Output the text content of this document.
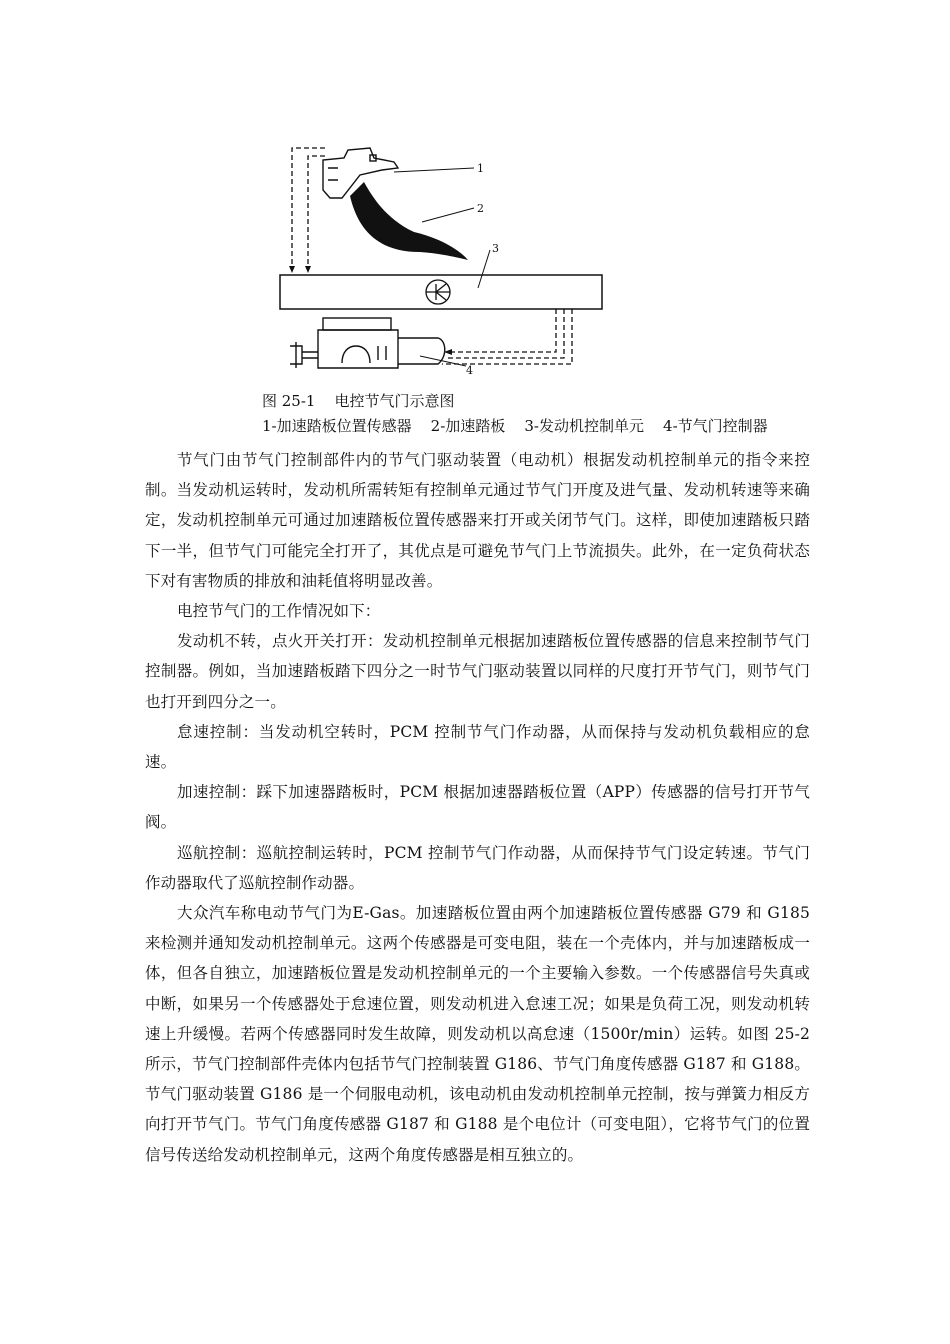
1
2
3
4
图 25-1    电控节气门示意图
1-加速踏板位置传感器    2-加速踏板    3-发动机控制单元    4-节气门控制器

节气门由节气门控制部件内的节气门驱动装置（电动机）根据发动机控制单元的指令来控制。当发动机运转时，发动机所需转矩有控制单元通过节气门开度及进气量、发动机转速等来确定，发动机控制单元可通过加速踏板位置传感器来打开或关闭节气门。这样，即使加速踏板只踏下一半，但节气门可能完全打开了，其优点是可避免节气门上节流损失。此外，在一定负荷状态下对有害物质的排放和油耗值将明显改善。

电控节气门的工作情况如下：

发动机不转，点火开关打开：发动机控制单元根据加速踏板位置传感器的信息来控制节气门控制器。例如，当加速踏板踏下四分之一时节气门驱动装置以同样的尺度打开节气门，则节气门也打开到四分之一。

怠速控制：当发动机空转时，PCM 控制节气门作动器，从而保持与发动机负载相应的怠速。

加速控制：踩下加速器踏板时，PCM 根据加速器踏板位置（APP）传感器的信号打开节气阀。

巡航控制：巡航控制运转时，PCM 控制节气门作动器，从而保持节气门设定转速。节气门作动器取代了巡航控制作动器。

大众汽车称电动节气门为E-Gas。加速踏板位置由两个加速踏板位置传感器 G79 和 G185 来检测并通知发动机控制单元。这两个传感器是可变电阻，装在一个壳体内，并与加速踏板成一体，但各自独立，加速踏板位置是发动机控制单元的一个主要输入参数。一个传感器信号失真或中断，如果另一个传感器处于怠速位置，则发动机进入怠速工况；如果是负荷工况，则发动机转速上升缓慢。若两个传感器同时发生故障，则发动机以高怠速（1500r/min）运转。如图 25-2 所示，节气门控制部件壳体内包括节气门控制装置 G186、节气门角度传感器 G187 和 G188。节气门驱动装置 G186 是一个伺服电动机，该电动机由发动机控制单元控制，按与弹簧力相反方向打开节气门。节气门角度传感器 G187 和 G188 是个电位计（可变电阻），它将节气门的位置信号传送给发动机控制单元，这两个角度传感器是相互独立的。
